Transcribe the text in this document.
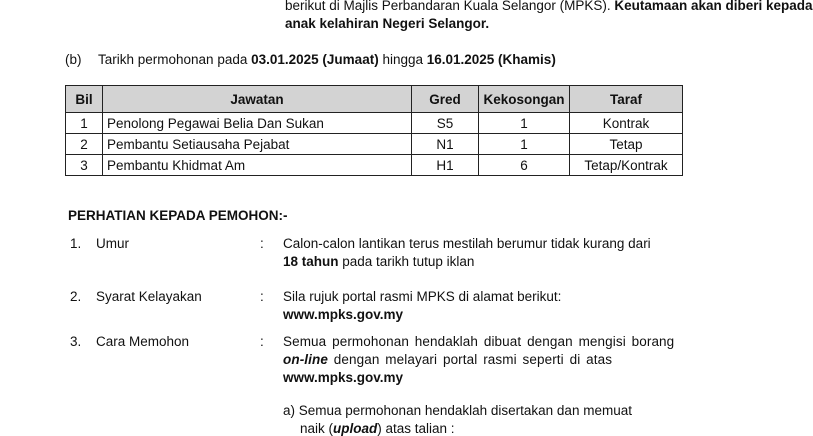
berikut di Majlis Perbandaran Kuala Selangor (MPKS). Keutamaan akan diberi kepada
anak kelahiran Negeri Selangor.
(b) Tarikh permohonan pada 03.01.2025 (Jumaat) hingga 16.01.2025 (Khamis)
Bil	Jawatan	Gred	Kekosongan	Taraf
1	Penolong Pegawai Belia Dan Sukan	S5	1	Kontrak
2	Pembantu Setiausaha Pejabat	N1	1	Tetap
3	Pembantu Khidmat Am	H1	6	Tetap/Kontrak
PERHATIAN KEPADA PEMOHON:-
1. Umur	: Calon-calon lantikan terus mestilah berumur tidak kurang dari
18 tahun pada tarikh tutup iklan
2. Syarat Kelayakan	: Sila rujuk portal rasmi MPKS di alamat berikut:
www.mpks.gov.my
3. Cara Memohon	: Semua permohonan hendaklah dibuat dengan mengisi borang
on-line dengan melayari portal rasmi seperti di atas
www.mpks.gov.my
a) Semua permohonan hendaklah disertakan dan memuat
naik (upload) atas talian :
